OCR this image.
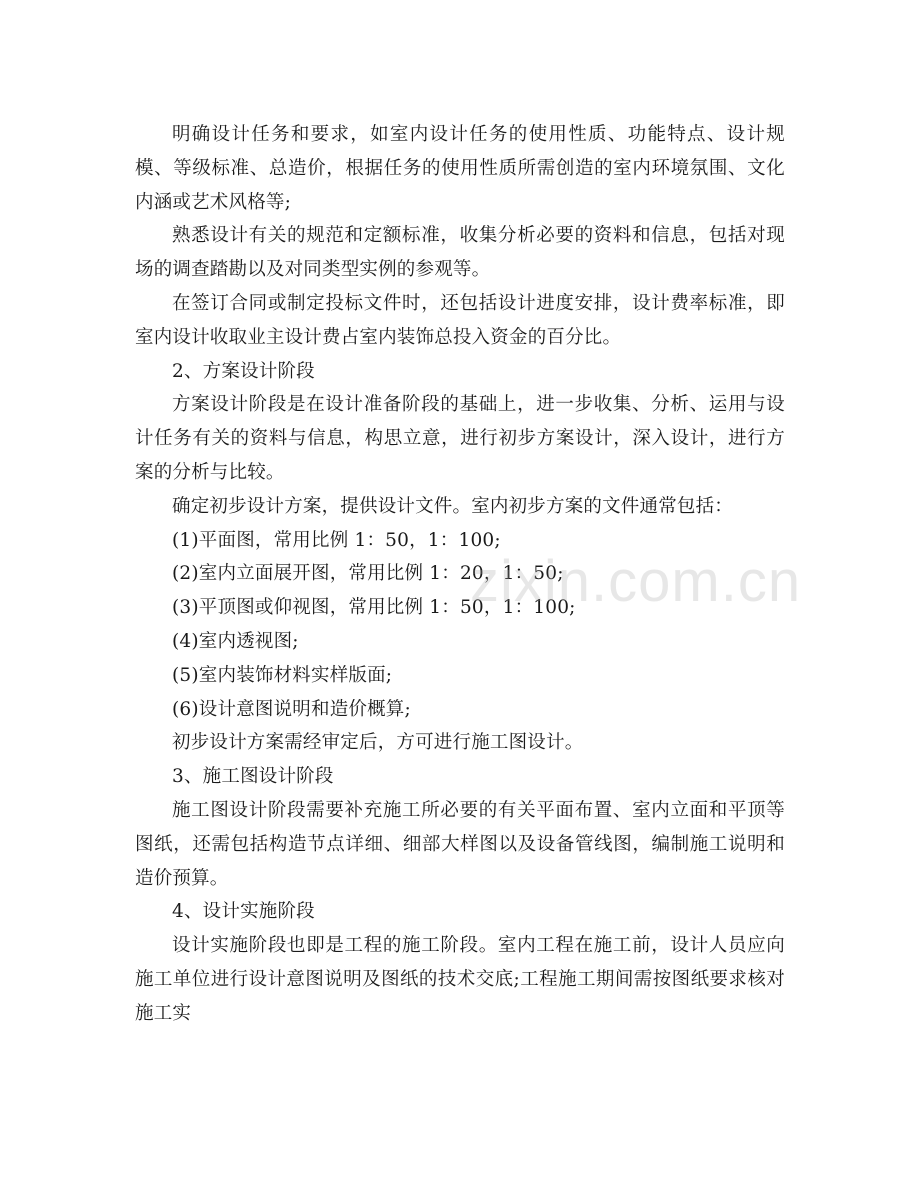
明确设计任务和要求，如室内设计任务的使用性质、功能特点、设计规模、等级标准、总造价，根据任务的使用性质所需创造的室内环境氛围、文化内涵或艺术风格等;

熟悉设计有关的规范和定额标准，收集分析必要的资料和信息，包括对现场的调查踏勘以及对同类型实例的参观等。

在签订合同或制定投标文件时，还包括设计进度安排，设计费率标准，即室内设计收取业主设计费占室内装饰总投入资金的百分比。

2、方案设计阶段

方案设计阶段是在设计准备阶段的基础上，进一步收集、分析、运用与设计任务有关的资料与信息，构思立意，进行初步方案设计，深入设计，进行方案的分析与比较。

确定初步设计方案，提供设计文件。室内初步方案的文件通常包括：

(1)平面图，常用比例 1：50，1：100;

(2)室内立面展开图，常用比例 1：20，1：50;

(3)平顶图或仰视图，常用比例 1：50，1：100;

(4)室内透视图;

(5)室内装饰材料实样版面;

(6)设计意图说明和造价概算;

初步设计方案需经审定后，方可进行施工图设计。

3、施工图设计阶段

施工图设计阶段需要补充施工所必要的有关平面布置、室内立面和平顶等图纸，还需包括构造节点详细、细部大样图以及设备管线图，编制施工说明和造价预算。

4、设计实施阶段

设计实施阶段也即是工程的施工阶段。室内工程在施工前，设计人员应向施工单位进行设计意图说明及图纸的技术交底;工程施工期间需按图纸要求核对施工实

zixin.com.cn
